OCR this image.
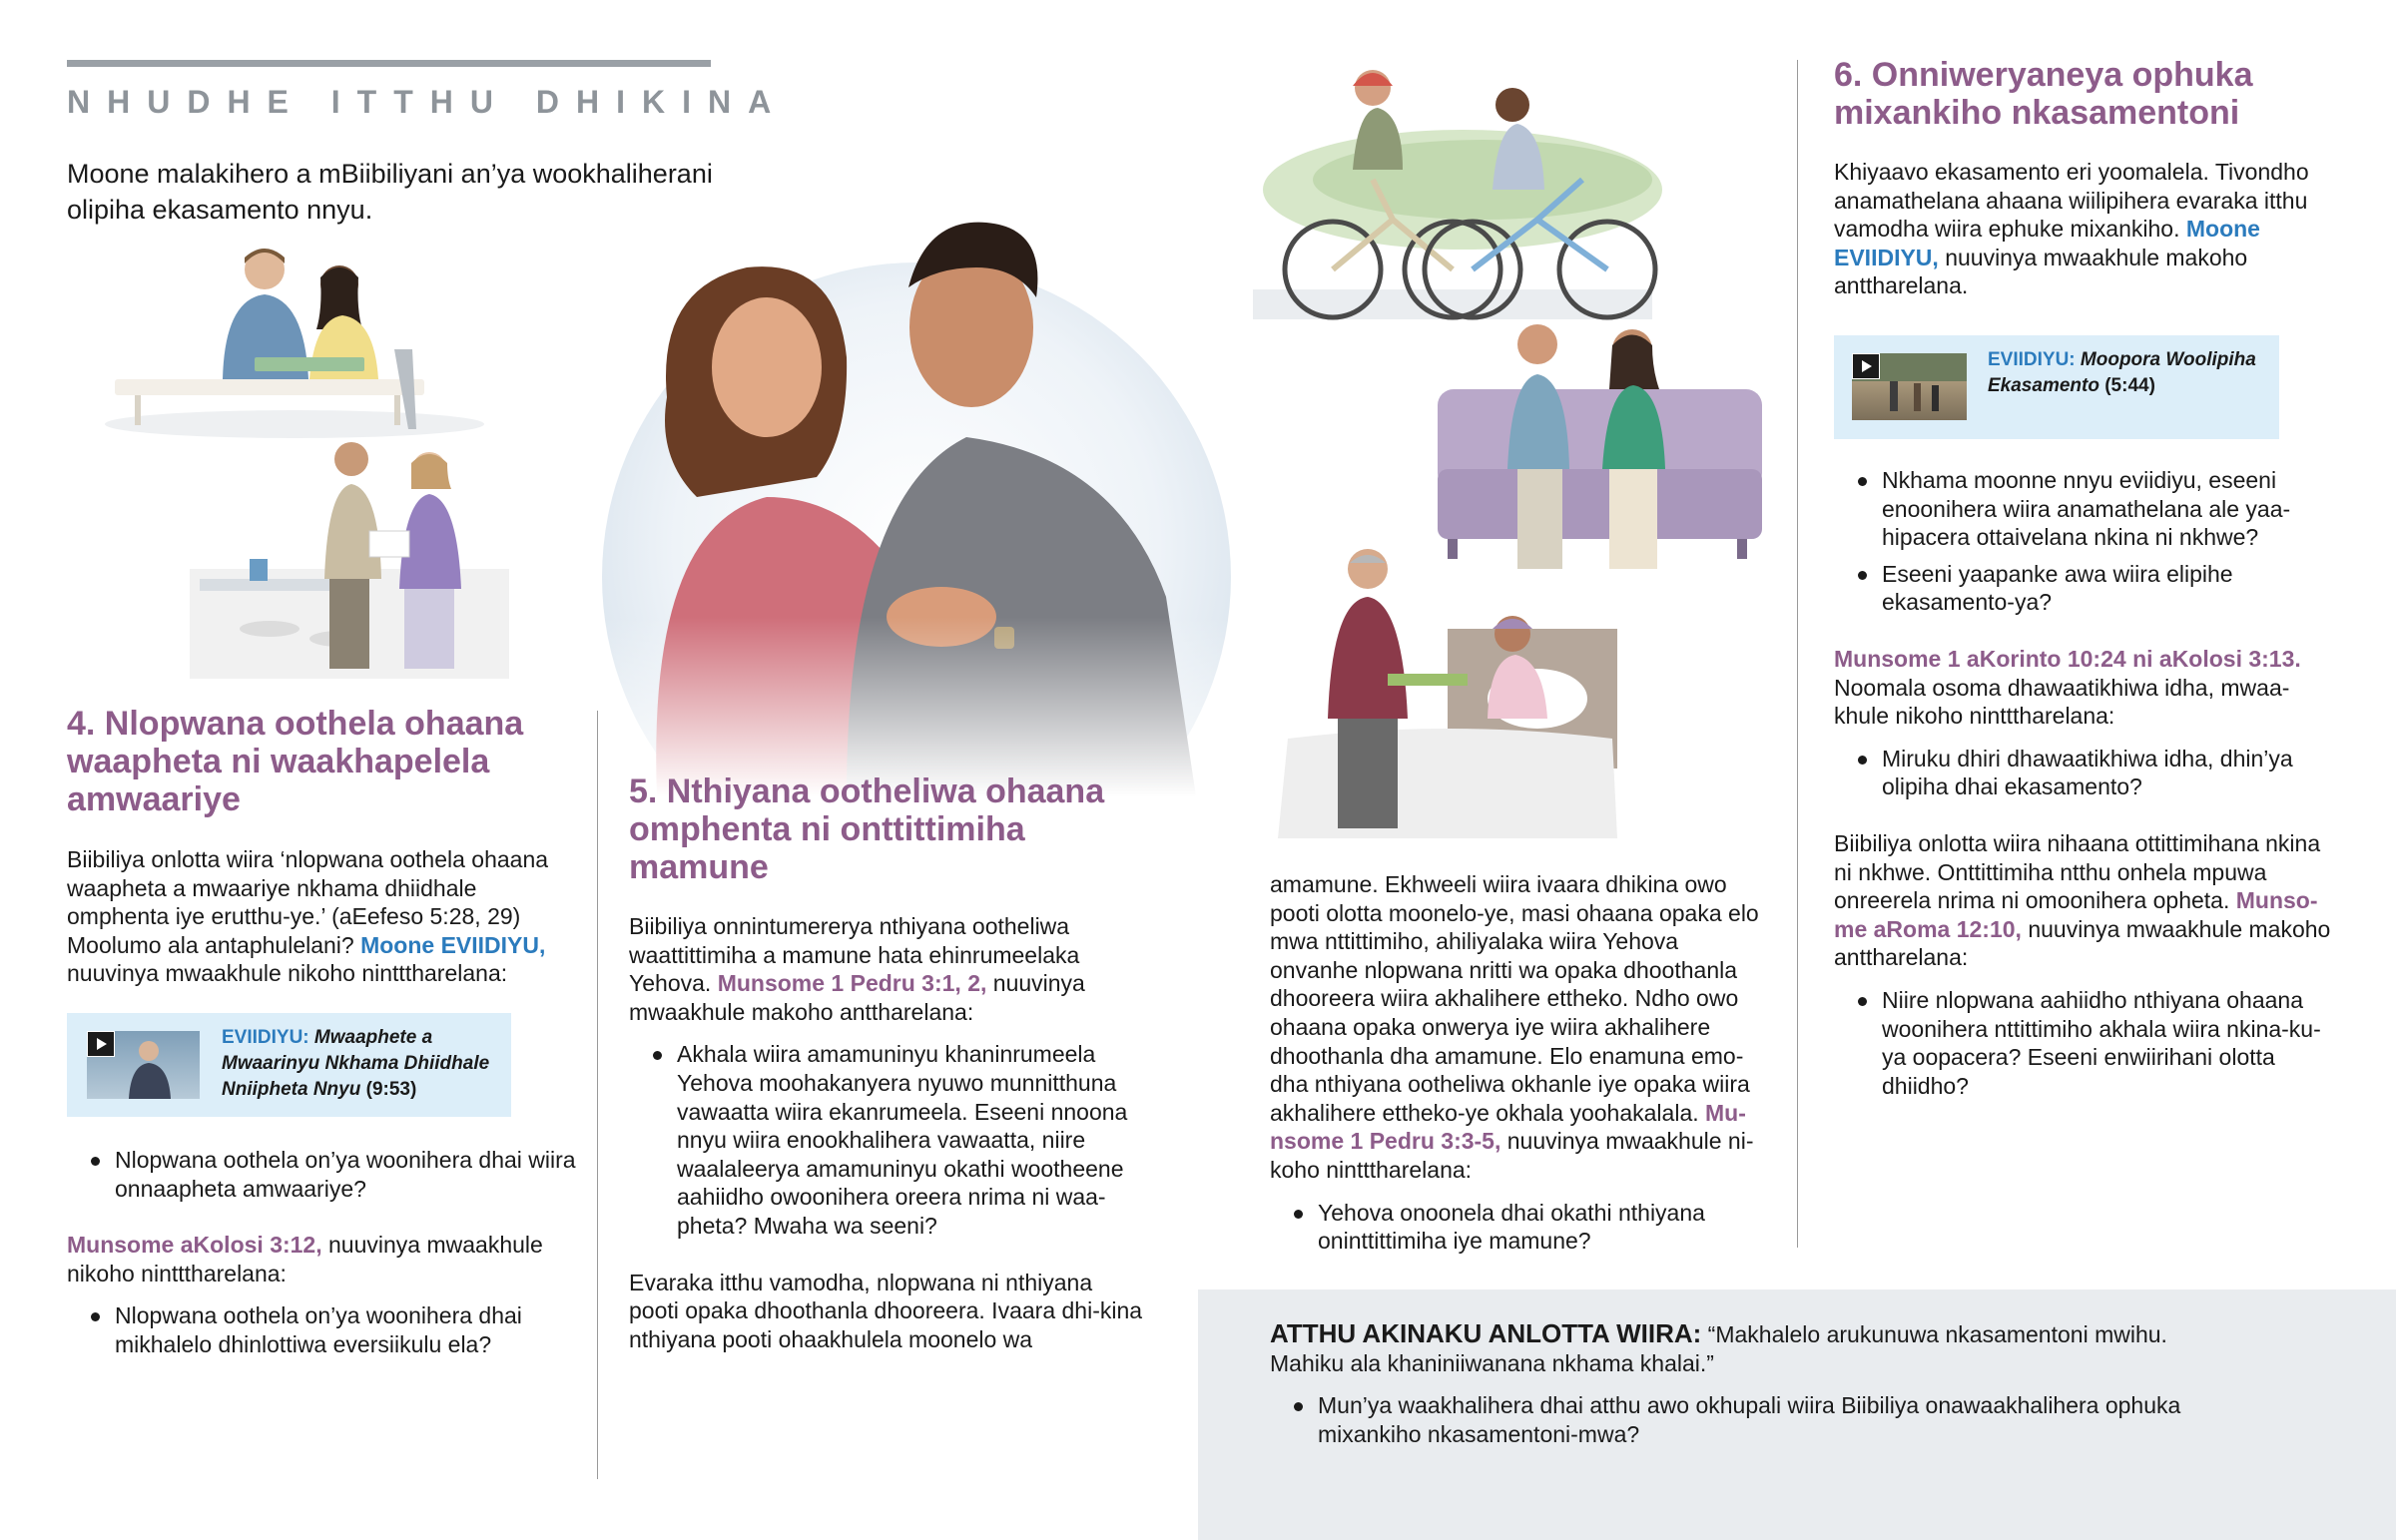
NHUDHE ITTHU DHIKINA
Moone malakihero a mBiibiliyani an’ya wookhaliherani olipiha ekasamento nnyu.
4. Nlopwana oothela ohaana waapheta ni waakhapelela amwaariye

Biibiliya onlotta wiira ‘nlopwana oothela ohaana waapheta a mwaariye nkhama dhiidhale omphenta iye erutthu-ye.’ (aEefeso 5:28, 29) Moolumo ala antaphulelani? Moone EVIIDIYU, nuuvinya mwaakhule nikoho nintttharelana:

EVIIDIYU: Mwaaphete a Mwaarinyu Nkhama Dhiidhale Nniipheta Nnyu (9:53)
Nlopwana oothela on’ya woonihera dhai wiira onnaapheta amwaariye?

Munsome aKolosi 3:12, nuuvinya mwaakhule nikoho nintttharelana:

Nlopwana oothela on’ya woonihera dhai mikhalelo dhinlottiwa eversiikulu ela?
5. Nthiyana ootheliwa ohaana omphenta ni onttittimiha mamune

Biibiliya onnintumererya nthiyana ootheliwa waattittimiha a mamune hata ehinrumeelaka Yehova. Munsome 1 Pedru 3:1, 2, nuuvinya mwaakhule makoho anttharelana:

Akhala wiira amamuninyu khaninrumeela Yehova moohakanyera nyuwo munnitthuna vawaatta wiira ekanrumeela. Eseeni nnoona nnyu wiira enookhalihera vawaatta, niire waalaleerya amamuninyu okathi wootheene aahiidho owoonihera oreera nrima ni waa-pheta? Mwaha wa seeni?

Evaraka itthu vamodha, nlopwana ni nthiyana pooti opaka dhoothanla dhooreera. Ivaara dhi-kina nthiyana pooti ohaakhulela moonelo wa

amamune. Ekhweeli wiira ivaara dhikina owo pooti olotta moonelo-ye, masi ohaana opaka elo mwa nttittimiho, ahiliyalaka wiira Yehova onvanhe nlopwana nritti wa opaka dhoothanla dhooreera wiira akhalihere ettheko. Ndho owo ohaana opaka onwerya iye wiira akhalihere dhoothanla dha amamune. Elo enamuna emo-dha nthiyana ootheliwa okhanle iye opaka wiira akhalihere ettheko-ye okhala yoohakalala. Mu-nsome 1 Pedru 3:3-5, nuuvinya mwaakhule ni-koho nintttharelana:

Yehova onoonela dhai okathi nthiyana oninttittimiha iye mamune?
6. Onniweryaneya ophuka mixankiho nkasamentoni

Khiyaavo ekasamento eri yoomalela. Tivondho anamathelana ahaana wiilipihera evaraka itthu vamodha wiira ephuke mixankiho. Moone EVIIDIYU, nuuvinya mwaakhule makoho anttharelana.

EVIIDIYU: Moopora Woolipiha Ekasamento (5:44)
Nkhama moonne nnyu eviidiyu, eseeni enoonihera wiira anamathelana ale yaa-hipacera ottaivelana nkina ni nkhwe?
Eseeni yaapanke awa wiira elipihe ekasamento-ya?

Munsome 1 aKorinto 10:24 ni aKolosi 3:13. Noomala osoma dhawaatikhiwa idha, mwaa-khule nikoho nintttharelana:

Miruku dhiri dhawaatikhiwa idha, dhin’ya olipiha dhai ekasamento?

Biibiliya onlotta wiira nihaana ottittimihana nkina ni nkhwe. Onttittimiha ntthu onhela mpuwa onreerela nrima ni omoonihera opheta. Munso-me aRoma 12:10, nuuvinya mwaakhule makoho anttharelana:

Niire nlopwana aahiidho nthiyana ohaana woonihera nttittimiho akhala wiira nkina-ku-ya oopacera? Eseeni enwiirihani olotta dhiidho?

ATTHU AKINAKU ANLOTTA WIIRA: “Makhalelo arukunuwa nkasamentoni mwihu. Mahiku ala khaniniiwanana nkhama khalai.”

Mun’ya waakhalihera dhai atthu awo okhupali wiira Biibiliya onawaakhalihera ophuka mixankiho nkasamentoni-mwa?
